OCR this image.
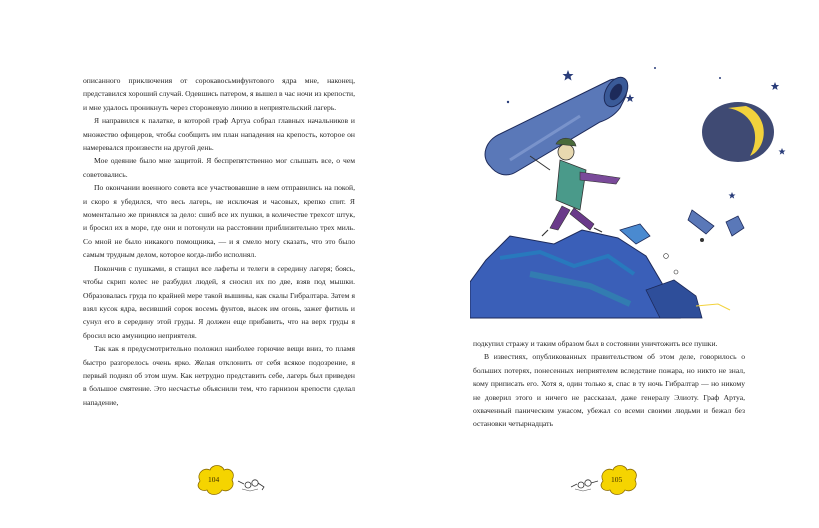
описанного приключения от сорокавосьмифунтового ядра мне, наконец, представился хороший случай. Одевшись патером, я вышел в час ночи из крепости, и мне удалось проникнуть через сторожевую линию в неприятельский лагерь.

Я направился к палатке, в которой граф Артуа собрал главных начальников и множество офицеров, чтобы сообщить им план нападения на крепость, которое он намеревался произвести на другой день.

Мое одеяние было мне защитой. Я беспрепятственно мог слышать все, о чем советовались.

По окончании военного совета все участвовавшие в нем отправились на покой, и скоро я убедился, что весь лагерь, не исключая и часовых, крепко спит. Я моментально же принялся за дело: сшиб все их пушки, в количестве трехсот штук, и бросил их в море, где они и потонули на расстоянии приблизительно трех миль. Со мной не было никакого помощника, — и я смело могу сказать, что это было самым трудным делом, которое когда-либо исполнял.

Покончив с пушками, я стащил все лафеты и телеги в середину лагеря; боясь, чтобы скрип колес не разбудил людей, я сносил их по две, взяв под мышки. Образовалась груда по крайней мере такой вышины, как скалы Гибралтара. Затем я взял кусок ядра, весивший сорок восемь фунтов, высек им огонь, зажег фитиль и сунул его в середину этой груды. Я должен еще прибавить, что на верх груды я бросил всю амуницию неприятеля.

Так как я предусмотрительно положил наиболее горючие вещи вниз, то пламя быстро разгорелось очень ярко. Желая отклонить от себя всякое подозрение, я первый поднял об этом шум. Как нетрудно представить себе, лагерь был приведен в большое смятение. Это несчастье объяснили тем, что гарнизон крепости сделал нападение,

104

подкупил стражу и таким образом был в состоянии уничтожить все пушки.

В известиях, опубликованных правительством об этом деле, говорилось о больших потерях, понесенных неприятелем вследствие пожара, но никто не знал, кому приписать его. Хотя я, один только я, спас в ту ночь Гибралтар — но никому не доверил этого и ничего не рассказал, даже генералу Элиоту. Граф Артуа, охваченный паническим ужасом, убежал со всеми своими людьми и бежал без остановки четырнадцать

105
